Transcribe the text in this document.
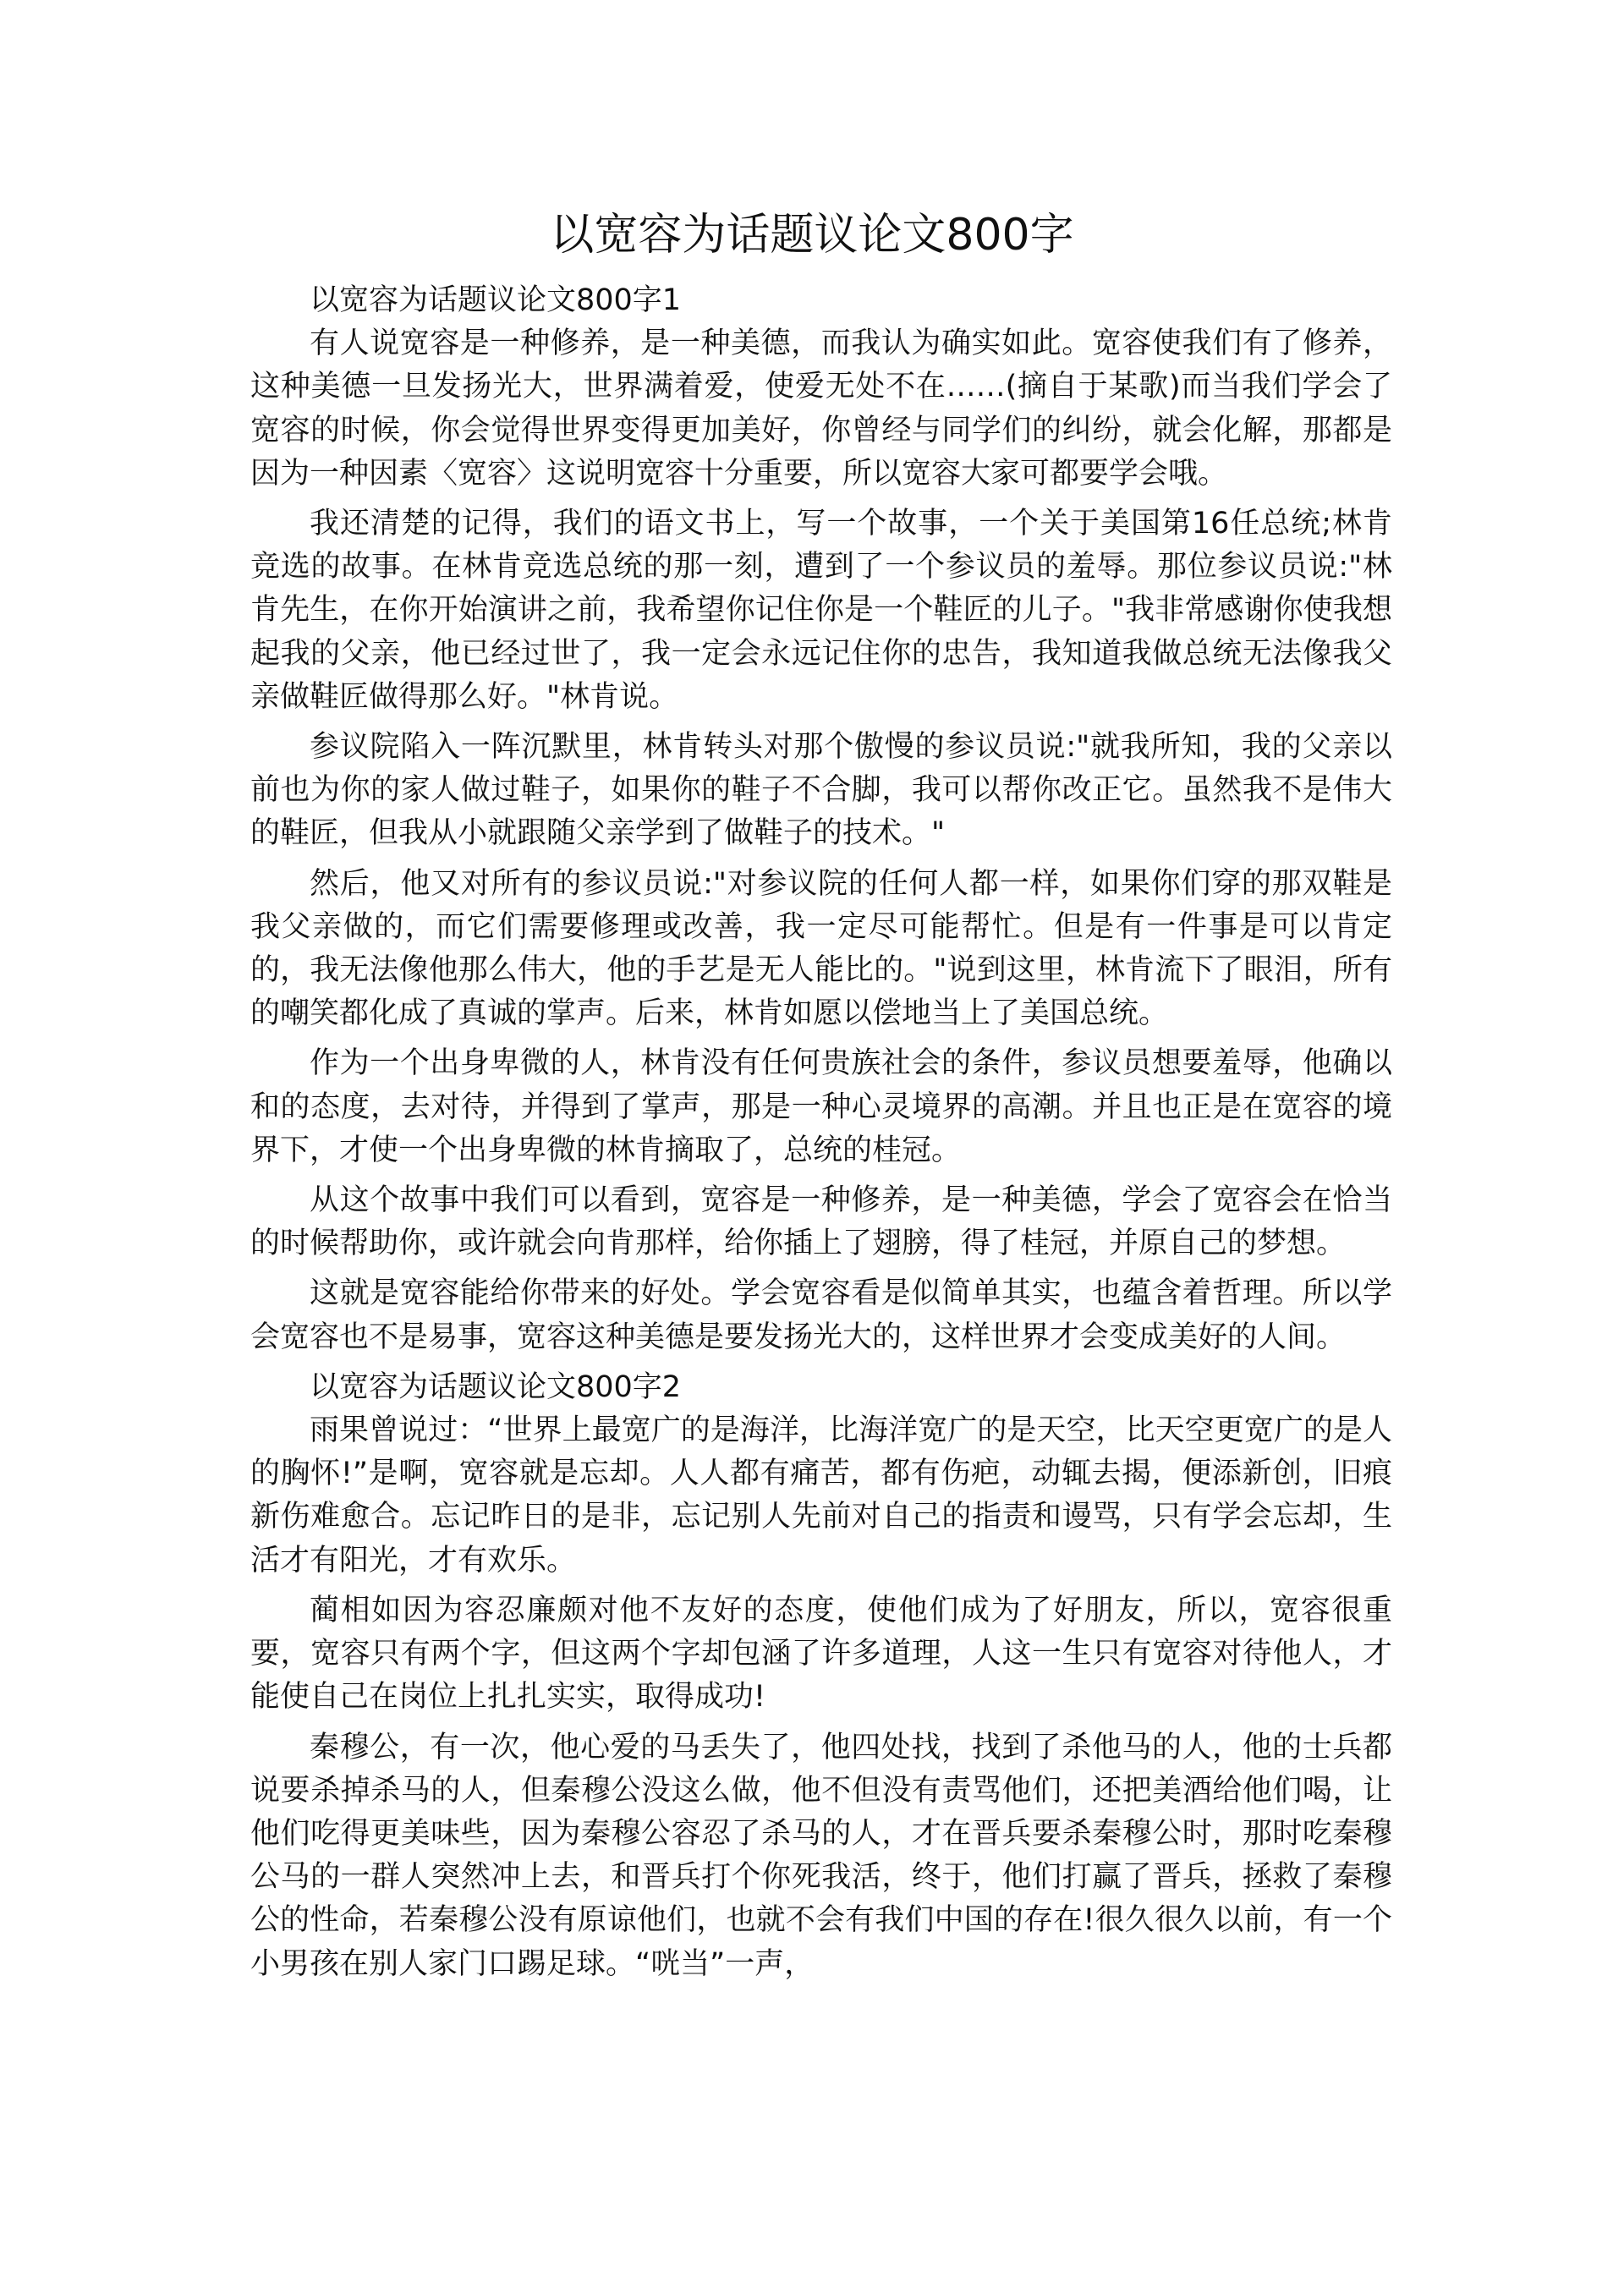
以宽容为话题议论文800字

以宽容为话题议论文800字1

有人说宽容是一种修养，是一种美德，而我认为确实如此。宽容使我们有了修养，这种美德一旦发扬光大，世界满着爱，使爱无处不在……(摘自于某歌)而当我们学会了宽容的时候，你会觉得世界变得更加美好，你曾经与同学们的纠纷，就会化解，那都是因为一种因素〈宽容〉这说明宽容十分重要，所以宽容大家可都要学会哦。

我还清楚的记得，我们的语文书上，写一个故事，一个关于美国第16任总统;林肯竞选的故事。在林肯竞选总统的那一刻，遭到了一个参议员的羞辱。那位参议员说:"林肯先生，在你开始演讲之前，我希望你记住你是一个鞋匠的儿子。"我非常感谢你使我想起我的父亲，他已经过世了，我一定会永远记住你的忠告，我知道我做总统无法像我父亲做鞋匠做得那么好。"林肯说。

参议院陷入一阵沉默里，林肯转头对那个傲慢的参议员说:"就我所知，我的父亲以前也为你的家人做过鞋子，如果你的鞋子不合脚，我可以帮你改正它。虽然我不是伟大的鞋匠，但我从小就跟随父亲学到了做鞋子的技术。"

然后，他又对所有的参议员说:"对参议院的任何人都一样，如果你们穿的那双鞋是我父亲做的，而它们需要修理或改善，我一定尽可能帮忙。但是有一件事是可以肯定的，我无法像他那么伟大，他的手艺是无人能比的。"说到这里，林肯流下了眼泪，所有的嘲笑都化成了真诚的掌声。后来，林肯如愿以偿地当上了美国总统。

作为一个出身卑微的人，林肯没有任何贵族社会的条件，参议员想要羞辱，他确以和的态度，去对待，并得到了掌声，那是一种心灵境界的高潮。并且也正是在宽容的境界下，才使一个出身卑微的林肯摘取了，总统的桂冠。

从这个故事中我们可以看到，宽容是一种修养，是一种美德，学会了宽容会在恰当的时候帮助你，或许就会向肯那样，给你插上了翅膀，得了桂冠，并原自己的梦想。

这就是宽容能给你带来的好处。学会宽容看是似简单其实，也蕴含着哲理。所以学会宽容也不是易事，宽容这种美德是要发扬光大的，这样世界才会变成美好的人间。

以宽容为话题议论文800字2

雨果曾说过：“世界上最宽广的是海洋，比海洋宽广的是天空，比天空更宽广的是人的胸怀!”是啊，宽容就是忘却。人人都有痛苦，都有伤疤，动辄去揭，便添新创，旧痕新伤难愈合。忘记昨日的是非，忘记别人先前对自己的指责和谩骂，只有学会忘却，生活才有阳光，才有欢乐。

蔺相如因为容忍廉颇对他不友好的态度，使他们成为了好朋友，所以，宽容很重要，宽容只有两个字，但这两个字却包涵了许多道理，人这一生只有宽容对待他人，才能使自己在岗位上扎扎实实，取得成功!

秦穆公，有一次，他心爱的马丢失了，他四处找，找到了杀他马的人，他的士兵都说要杀掉杀马的人，但秦穆公没这么做，他不但没有责骂他们，还把美酒给他们喝，让他们吃得更美味些，因为秦穆公容忍了杀马的人，才在晋兵要杀秦穆公时，那时吃秦穆公马的一群人突然冲上去，和晋兵打个你死我活，终于，他们打赢了晋兵，拯救了秦穆公的性命，若秦穆公没有原谅他们，也就不会有我们中国的存在!很久很久以前，有一个小男孩在别人家门口踢足球。“咣当”一声，
